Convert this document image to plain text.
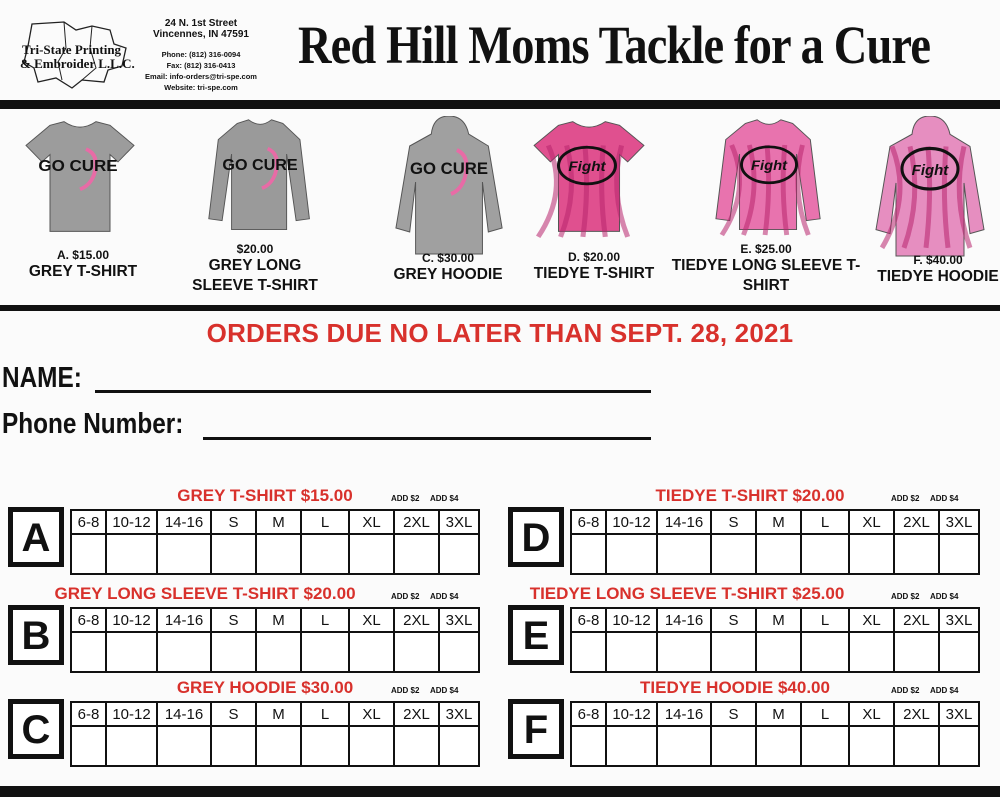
Tri-State Printing
& Embroider L.L.C.
24 N. 1st Street
Vincennes, IN 47591
Phone: (812) 316-0094
Fax: (812) 316-0413
Email: info-orders@tri-spe.com
Website: tri-spe.com
Red Hill Moms Tackle for a Cure
GO CURE
A. $15.00
GREY T-SHIRT
GO CURE
$20.00
GREY LONG SLEEVE T-SHIRT
GO CURE
C. $30.00
GREY HOODIE
Fight
D. $20.00
TIEDYE T-SHIRT
Fight
E. $25.00
TIEDYE LONG SLEEVE T-SHIRT
Fight
F. $40.00
TIEDYE HOODIE
ORDERS DUE NO LATER THAN SEPT. 28, 2021
NAME:
Phone Number:
GREY T-SHIRT $15.00	ADD $2 ADD $4
A	6-8	10-12	14-16	S	M	L	XL	2XL	3XL

GREY LONG SLEEVE T-SHIRT $20.00	ADD $2 ADD $4
B	6-8	10-12	14-16	S	M	L	XL	2XL	3XL

GREY HOODIE $30.00	ADD $2 ADD $4
C	6-8	10-12	14-16	S	M	L	XL	2XL	3XL

TIEDYE T-SHIRT $20.00	ADD $2 ADD $4
D	6-8	10-12	14-16	S	M	L	XL	2XL	3XL

TIEDYE LONG SLEEVE T-SHIRT $25.00	ADD $2 ADD $4
E	6-8	10-12	14-16	S	M	L	XL	2XL	3XL

TIEDYE HOODIE $40.00	ADD $2 ADD $4
F	6-8	10-12	14-16	S	M	L	XL	2XL	3XL
